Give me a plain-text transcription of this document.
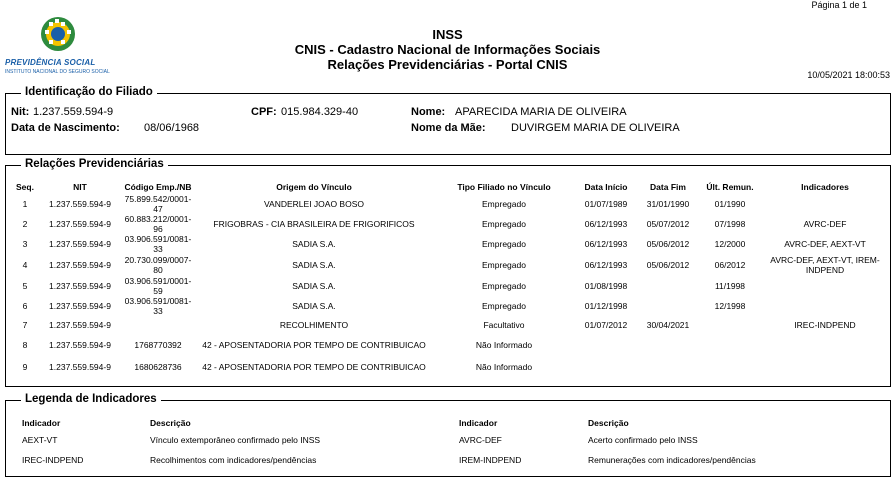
Página 1 de 1
PREVIDÊNCIA SOCIAL
INSTITUTO NACIONAL DO SEGURO SOCIAL
INSS
CNIS - Cadastro Nacional de Informações Sociais
Relações Previdenciárias - Portal CNIS
10/05/2021 18:00:53
Identificação do Filiado
Nit: 1.237.559.594-9	CPF: 015.984.329-40	Nome: APARECIDA MARIA DE OLIVEIRA
Data de Nascimento: 08/06/1968	Nome da Mãe: DUVIRGEM MARIA DE OLIVEIRA
Relações Previdenciárias
Seq.	NIT	Código Emp./NB	Origem do Vínculo	Tipo Filiado no Vínculo	Data Início	Data Fim	Últ. Remun.	Indicadores
1	1.237.559.594-9	75.899.542/0001-47	VANDERLEI JOAO BOSO	Empregado	01/07/1989	31/01/1990	01/1990	
2	1.237.559.594-9	60.883.212/0001-96	FRIGOBRAS - CIA BRASILEIRA DE FRIGORIFICOS	Empregado	06/12/1993	05/07/2012	07/1998	AVRC-DEF
3	1.237.559.594-9	03.906.591/0081-33	SADIA S.A.	Empregado	06/12/1993	05/06/2012	12/2000	AVRC-DEF, AEXT-VT
4	1.237.559.594-9	20.730.099/0007-80	SADIA S.A.	Empregado	06/12/1993	05/06/2012	06/2012	AVRC-DEF, AEXT-VT, IREM-INDPEND
5	1.237.559.594-9	03.906.591/0001-59	SADIA S.A.	Empregado	01/08/1998		11/1998	
6	1.237.559.594-9	03.906.591/0081-33	SADIA S.A.	Empregado	01/12/1998		12/1998	
7	1.237.559.594-9		RECOLHIMENTO	Facultativo	01/07/2012	30/04/2021		IREC-INDPEND
8	1.237.559.594-9	1768770392	42 - APOSENTADORIA POR TEMPO DE CONTRIBUICAO	Não Informado				
9	1.237.559.594-9	1680628736	42 - APOSENTADORIA POR TEMPO DE CONTRIBUICAO	Não Informado				
Legenda de Indicadores
Indicador	Descrição	Indicador	Descrição
AEXT-VT	Vínculo extemporâneo confirmado pelo INSS	AVRC-DEF	Acerto confirmado pelo INSS
IREC-INDPEND	Recolhimentos com indicadores/pendências	IREM-INDPEND	Remunerações com indicadores/pendências
